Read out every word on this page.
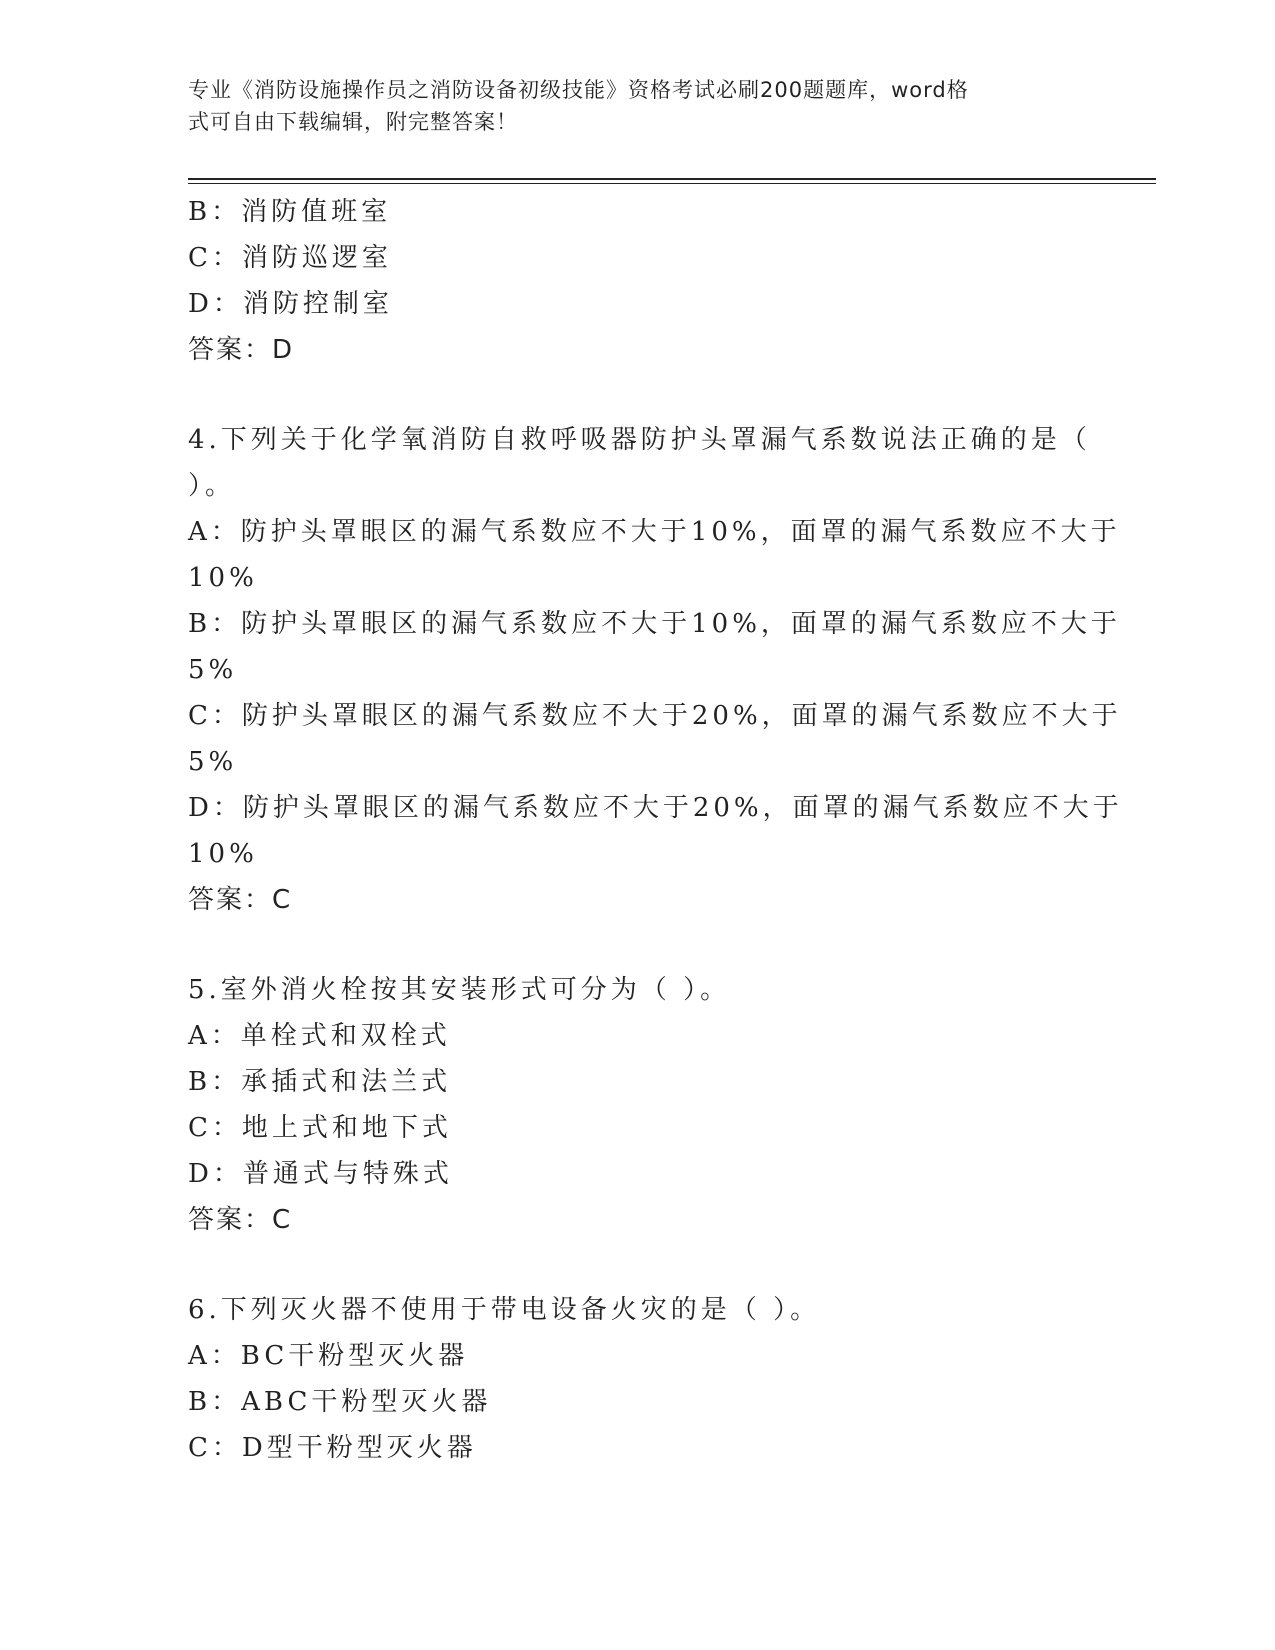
专业《消防设施操作员之消防设备初级技能》资格考试必刷200题题库，word格
式可自由下载编辑，附完整答案！
B：消防值班室
C：消防巡逻室
D：消防控制室
答案：D
4.下列关于化学氧消防自救呼吸器防护头罩漏气系数说法正确的是（
）。
A：防护头罩眼区的漏气系数应不大于10%，面罩的漏气系数应不大于
10%
B：防护头罩眼区的漏气系数应不大于10%，面罩的漏气系数应不大于
5%
C：防护头罩眼区的漏气系数应不大于20%，面罩的漏气系数应不大于
5%
D：防护头罩眼区的漏气系数应不大于20%，面罩的漏气系数应不大于
10%
答案：C
5.室外消火栓按其安装形式可分为（ ）。
A：单栓式和双栓式
B：承插式和法兰式
C：地上式和地下式
D：普通式与特殊式
答案：C
6.下列灭火器不使用于带电设备火灾的是（ ）。
A：BC干粉型灭火器
B：ABC干粉型灭火器
C：D型干粉型灭火器
